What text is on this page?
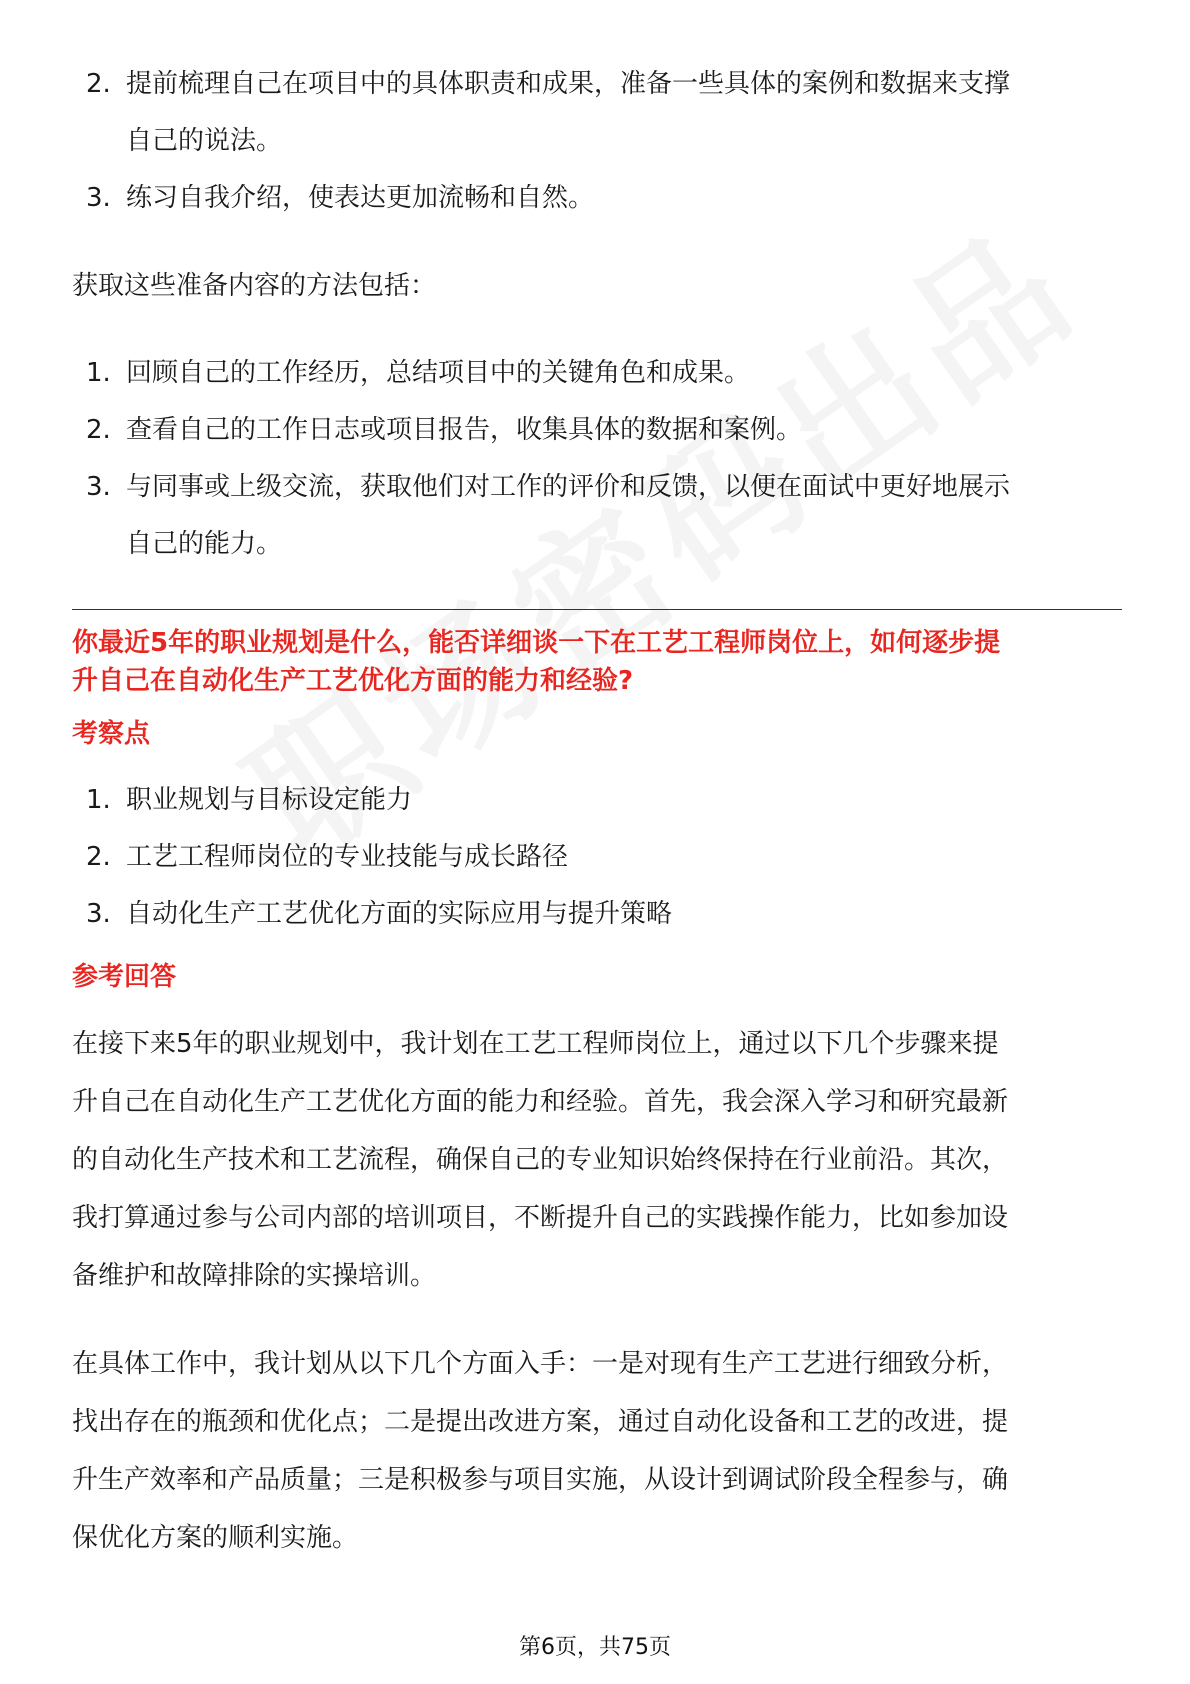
2. 提前梳理自己在项目中的具体职责和成果，准备一些具体的案例和数据来支撑
自己的说法。
3. 练习自我介绍，使表达更加流畅和自然。

获取这些准备内容的方法包括：

1. 回顾自己的工作经历，总结项目中的关键角色和成果。
2. 查看自己的工作日志或项目报告，收集具体的数据和案例。
3. 与同事或上级交流，获取他们对工作的评价和反馈，以便在面试中更好地展示
自己的能力。

你最近5年的职业规划是什么，能否详细谈一下在工艺工程师岗位上，如何逐步提
升自己在自动化生产工艺优化方面的能力和经验?

考察点

1. 职业规划与目标设定能力
2. 工艺工程师岗位的专业技能与成长路径
3. 自动化生产工艺优化方面的实际应用与提升策略

参考回答

在接下来5年的职业规划中，我计划在工艺工程师岗位上，通过以下几个步骤来提
升自己在自动化生产工艺优化方面的能力和经验。首先，我会深入学习和研究最新
的自动化生产技术和工艺流程，确保自己的专业知识始终保持在行业前沿。其次，
我打算通过参与公司内部的培训项目，不断提升自己的实践操作能力，比如参加设
备维护和故障排除的实操培训。

在具体工作中，我计划从以下几个方面入手：一是对现有生产工艺进行细致分析，
找出存在的瓶颈和优化点；二是提出改进方案，通过自动化设备和工艺的改进，提
升生产效率和产品质量；三是积极参与项目实施，从设计到调试阶段全程参与，确
保优化方案的顺利实施。

第6页，共75页
